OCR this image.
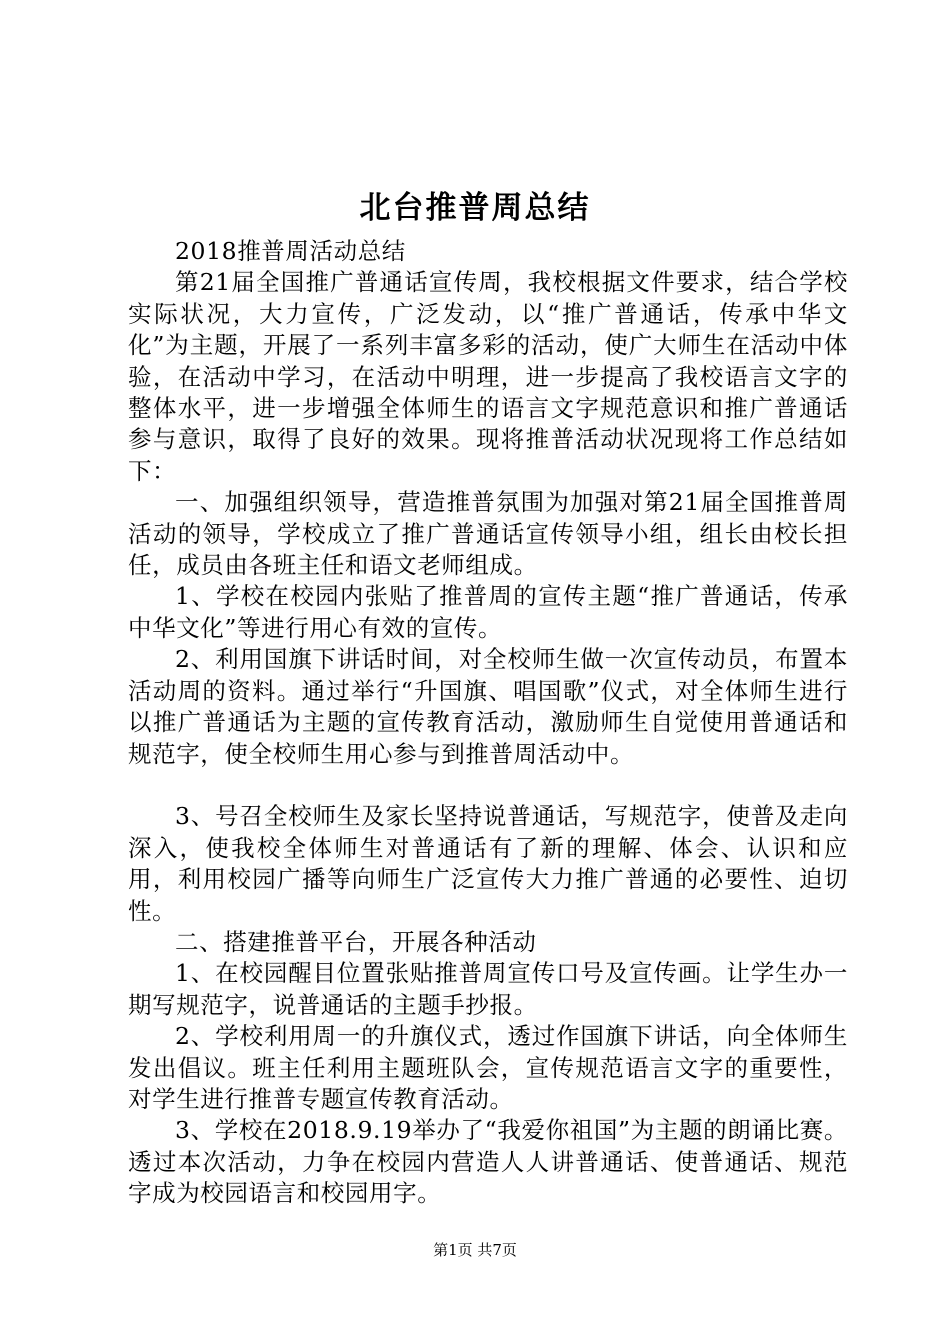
北台推普周总结

2018推普周活动总结

第21届全国推广普通话宣传周，我校根据文件要求，结合学校实际状况，大力宣传，广泛发动，以“推广普通话，传承中华文化”为主题，开展了一系列丰富多彩的活动，使广大师生在活动中体验，在活动中学习，在活动中明理，进一步提高了我校语言文字的整体水平，进一步增强全体师生的语言文字规范意识和推广普通话参与意识，取得了良好的效果。现将推普活动状况现将工作总结如下：

一、加强组织领导，营造推普氛围为加强对第21届全国推普周活动的领导，学校成立了推广普通话宣传领导小组，组长由校长担任，成员由各班主任和语文老师组成。

1、学校在校园内张贴了推普周的宣传主题“推广普通话，传承中华文化”等进行用心有效的宣传。

2、利用国旗下讲话时间，对全校师生做一次宣传动员，布置本活动周的资料。通过举行“升国旗、唱国歌”仪式，对全体师生进行以推广普通话为主题的宣传教育活动，激励师生自觉使用普通话和规范字，使全校师生用心参与到推普周活动中。

3、号召全校师生及家长坚持说普通话，写规范字，使普及走向深入，使我校全体师生对普通话有了新的理解、体会、认识和应用，利用校园广播等向师生广泛宣传大力推广普通的必要性、迫切性。

二、搭建推普平台，开展各种活动

1、在校园醒目位置张贴推普周宣传口号及宣传画。让学生办一期写规范字，说普通话的主题手抄报。

2、学校利用周一的升旗仪式，透过作国旗下讲话，向全体师生发出倡议。班主任利用主题班队会，宣传规范语言文字的重要性，对学生进行推普专题宣传教育活动。

3、学校在2018.9.19举办了“我爱你祖国”为主题的朗诵比赛。透过本次活动，力争在校园内营造人人讲普通话、使普通话、规范字成为校园语言和校园用字。

第1页 共7页
